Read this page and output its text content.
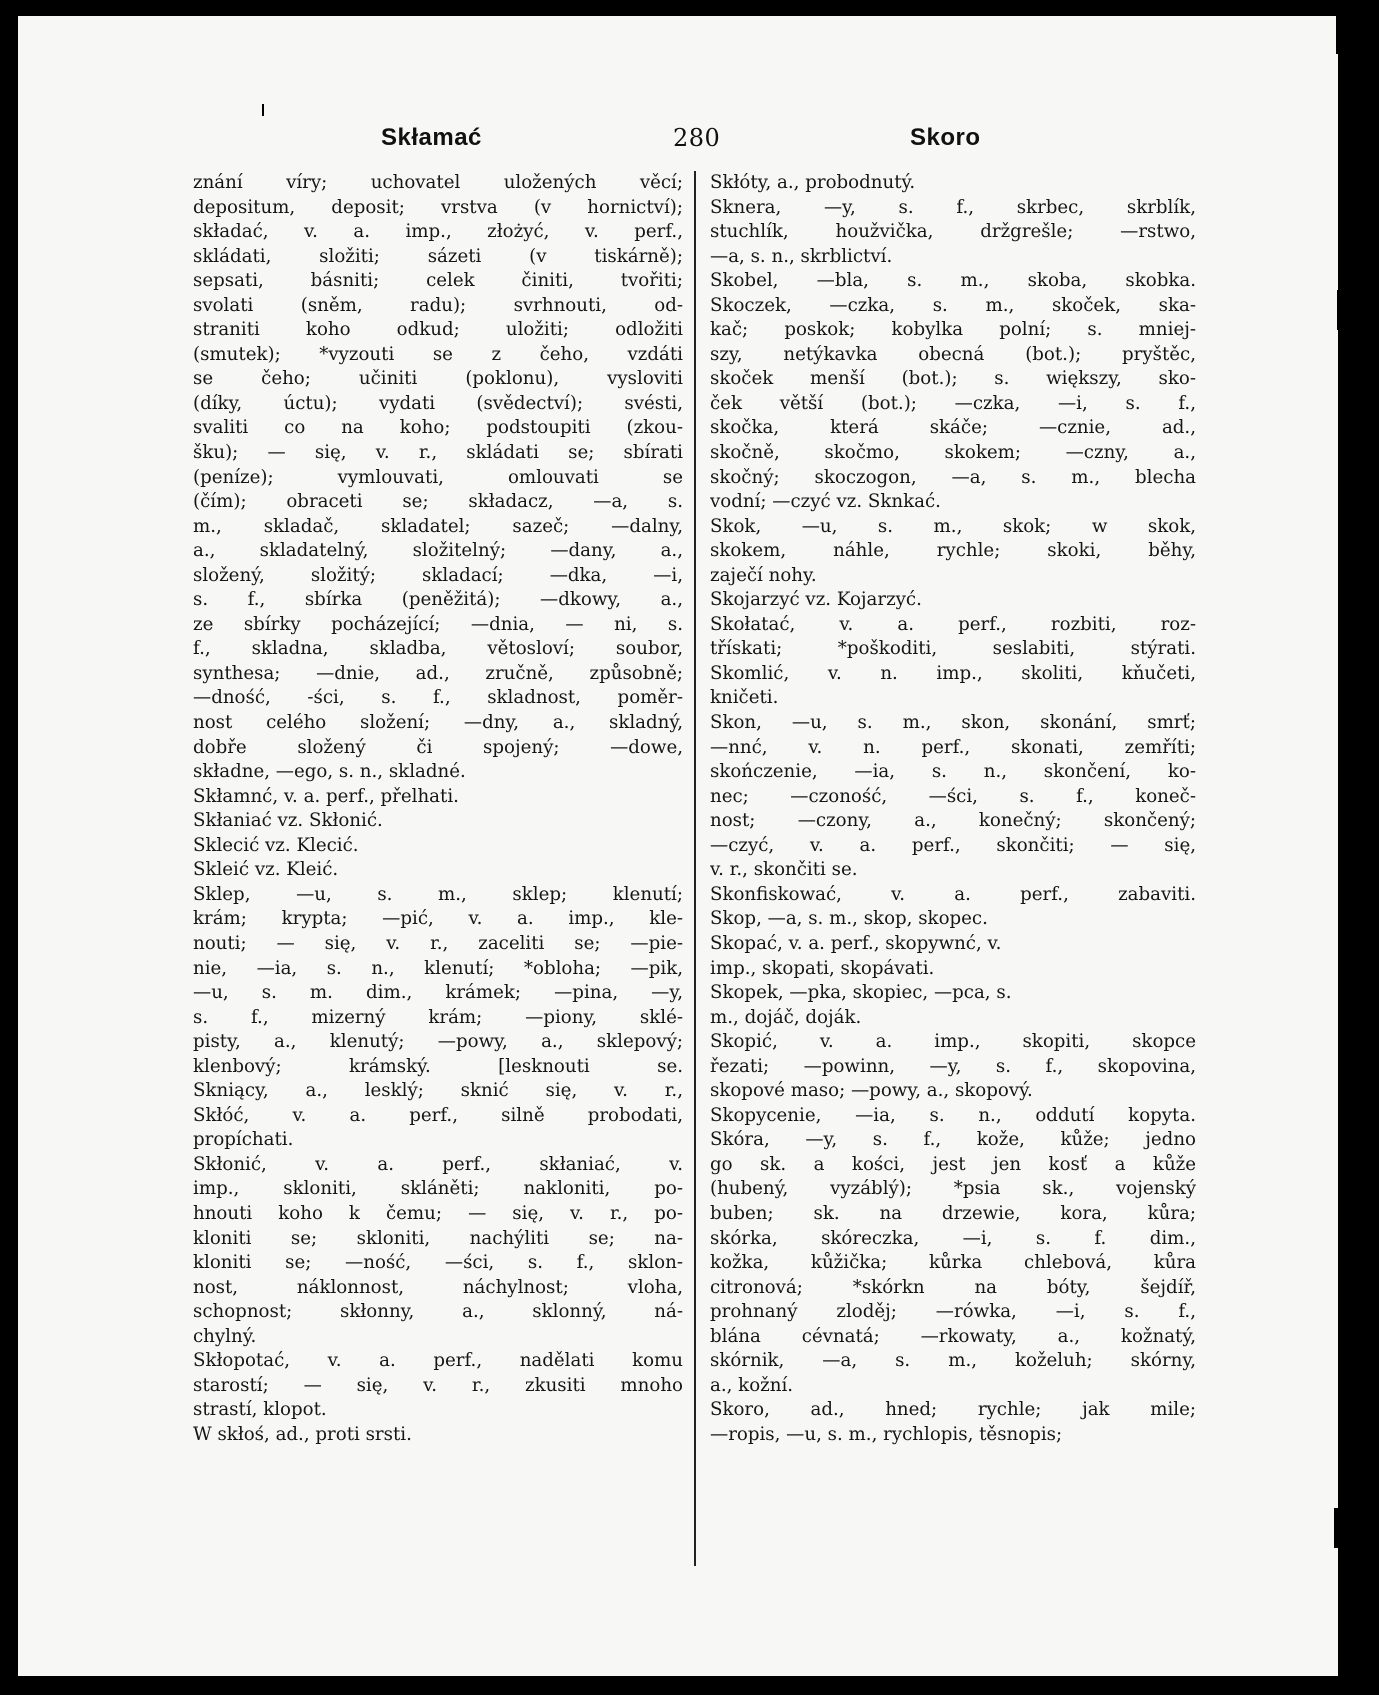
Skłamać	280	Skoro
znání víry; uchovatel uložených věcí;
depositum, deposit; vrstva (v hornictví);
składać, v. a. imp., złożyć, v. perf.,
skládati, složiti; sázeti (v tiskárně);
sepsati, básniti; celek činiti, tvořiti;
svolati (sněm, radu); svrhnouti, od-
straniti koho odkud; uložiti; odložiti
(smutek); *vyzouti se z čeho, vzdáti
se čeho; učiniti (poklonu), vysloviti
(díky, úctu); vydati (svědectví); svésti,
svaliti co na koho; podstoupiti (zkou-
šku); — się, v. r., skládati se; sbírati
(peníze); vymlouvati, omlouvati se
(čím); obraceti se; składacz, —a, s.
m., skladač, skladatel; sazeč; —dalny,
a., skladatelný, složitelný; —dany, a.,
složený, složitý; skladací; —dka, —i,
s. f., sbírka (peněžitá); —dkowy, a.,
ze sbírky pocházející; —dnia, — ni, s.
f., skladna, skladba, větosloví; soubor,
synthesa; —dnie, ad., zručně, způsobně;
—dność, -ści, s. f., skladnost, poměr-
nost celého složení; —dny, a., skladný,
dobře složený či spojený; —dowe,
składne, —ego, s. n., skladné.
Skłamnć, v. a. perf., přelhati.
Skłaniać vz. Skłonić.
Sklecić vz. Klecić.
Skleić vz. Kleić.
Sklep, —u, s. m., sklep; klenutí;
krám; krypta; —pić, v. a. imp., kle-
nouti; — się, v. r., zaceliti se; —pie-
nie, —ia, s. n., klenutí; *obloha; —pik,
—u, s. m. dim., krámek; —pina, —y,
s. f., mizerný krám; —piony, sklé-
pisty, a., klenutý; —powy, a., sklepový;
klenbový; krámský. [lesknouti se.
Skniący, a., lesklý; sknić się, v. r.,
Skłóć, v. a. perf., silně probodati,
propíchati.
Skłonić, v. a. perf., skłaniać, v.
imp., skloniti, skláněti; nakloniti, po-
hnouti koho k čemu; — się, v. r., po-
kloniti se; skloniti, nachýliti se; na-
kloniti se; —ność, —ści, s. f., sklon-
nost, náklonnost, náchylnost; vloha,
schopnost; skłonny, a., sklonný, ná-
chylný.
Skłopotać, v. a. perf., nadělati komu
starostí; — się, v. r., zkusiti mnoho
strastí, klopot.
W skłoś, ad., proti srsti.
Skłóty, a., probodnutý.
Sknera, —y, s. f., skrbec, skrblík,
stuchlík, houžvička, držgrešle; —rstwo,
—a, s. n., skrblictví.
Skobel, —bla, s. m., skoba, skobka.
Skoczek, —czka, s. m., skoček, ska-
kač; poskok; kobylka polní; s. mniej-
szy, netýkavka obecná (bot.); pryštěc,
skoček menší (bot.); s. większy, sko-
ček větší (bot.); —czka, —i, s. f.,
skočka, která skáče; —cznie, ad.,
skočně, skočmo, skokem; —czny, a.,
skočný; skoczogon, —a, s. m., blecha
vodní; —czyć vz. Sknkać.
Skok, —u, s. m., skok; w skok,
skokem, náhle, rychle; skoki, běhy,
zaječí nohy.
Skojarzyć vz. Kojarzyć.
Skołatać, v. a. perf., rozbiti, roz-
třískati; *poškoditi, seslabiti, stýrati.
Skomlić, v. n. imp., skoliti, kňučeti,
kničeti.
Skon, —u, s. m., skon, skonání, smrť;
—nnć, v. n. perf., skonati, zemříti;
skończenie, —ia, s. n., skončení, ko-
nec; —czoność, —ści, s. f., koneč-
nost; —czony, a., konečný; skončený;
—czyć, v. a. perf., skončiti; — się,
v. r., skončiti se.
Skonfiskować, v. a. perf., zabaviti.
Skop, —a, s. m., skop, skopec.
Skopać, v. a. perf., skopywnć, v.
imp., skopati, skopávati.
Skopek, —pka, skopiec, —pca, s.
m., dojáč, doják.
Skopić, v. a. imp., skopiti, skopce
řezati; —powinn, —y, s. f., skopovina,
skopové maso; —powy, a., skopový.
Skopycenie, —ia, s. n., oddutí kopyta.
Skóra, —y, s. f., kože, kůže; jedno
go sk. a kości, jest jen kosť a kůže
(hubený, vyzáblý); *psia sk., vojenský
buben; sk. na drzewie, kora, kůra;
skórka, skóreczka, —i, s. f. dim.,
kožka, kůžička; kůrka chlebová, kůra
citronová; *skórkn na bóty, šejdíř,
prohnaný zloděj; —rówka, —i, s. f.,
blána cévnatá; —rkowaty, a., kožnatý,
skórnik, —a, s. m., koželuh; skórny,
a., kožní.
Skoro, ad., hned; rychle; jak mile;
—ropis, —u, s. m., rychlopis, těsnopis;
